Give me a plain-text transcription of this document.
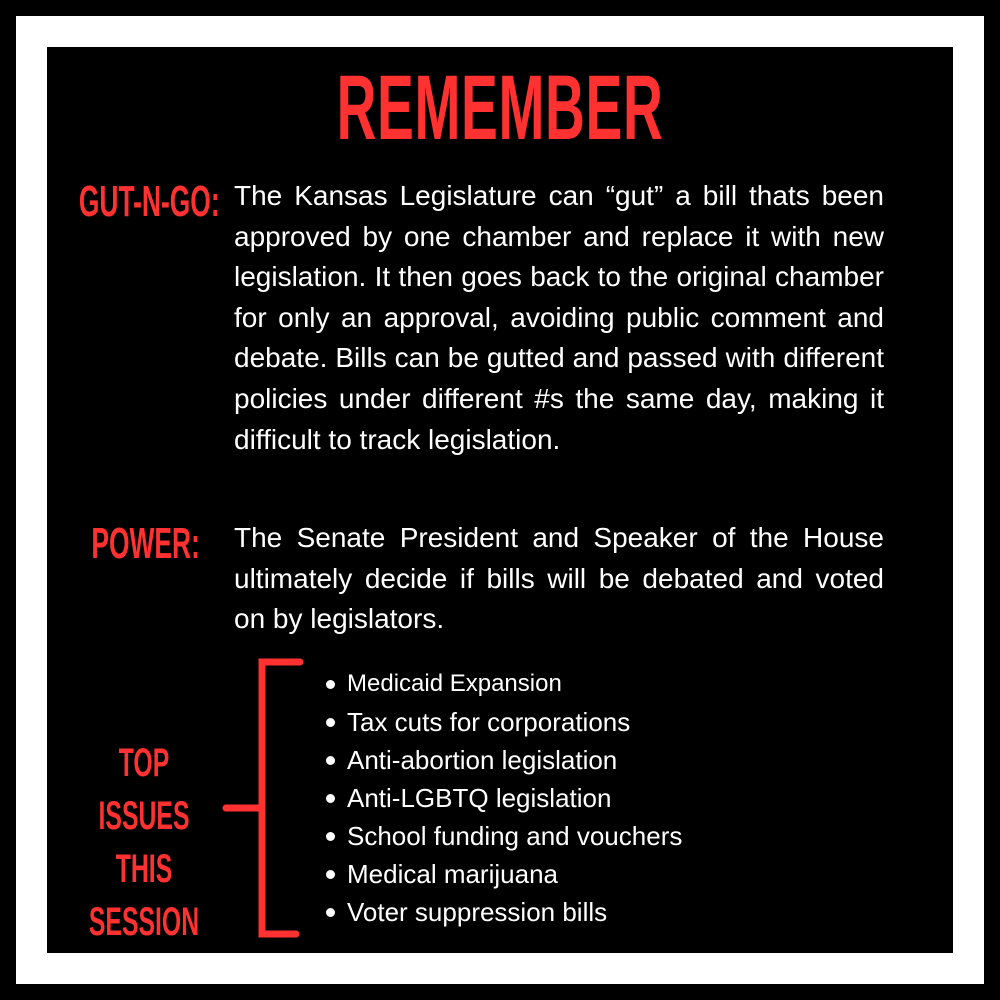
REMEMBER
GUT-N-GO: The Kansas Legislature can “gut” a bill thats been approved by one chamber and replace it with new legislation. It then goes back to the original chamber for only an approval, avoiding public comment and debate. Bills can be gutted and passed with different policies under different #s the same day, making it difficult to track legislation.
POWER: The Senate President and Speaker of the House ultimately decide if bills will be debated and voted on by legislators.
TOP ISSUES THIS SESSION
Medicaid Expansion
Tax cuts for corporations
Anti-abortion legislation
Anti-LGBTQ legislation
School funding and vouchers
Medical marijuana
Voter suppression bills
